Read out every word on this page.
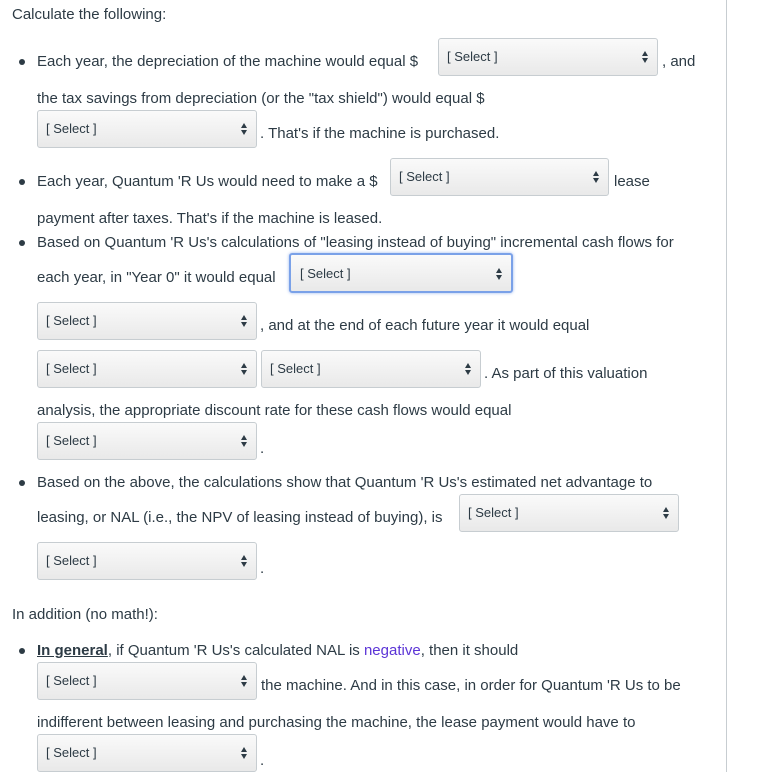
Calculate the following:
Each year, the depreciation of the machine would equal $ [ Select ]	, and
the tax savings from depreciation (or the "tax shield") would equal $
[ Select ]	. That's if the machine is purchased.
Each year, Quantum 'R Us would need to make a $ [ Select ]	lease
payment after taxes. That's if the machine is leased.
Based on Quantum 'R Us's calculations of "leasing instead of buying" incremental cash flows for
each year, in "Year 0" it would equal [ Select ]
[ Select ]	, and at the end of each future year it would equal
[ Select ]	[ Select ]	. As part of this valuation
analysis, the appropriate discount rate for these cash flows would equal
[ Select ]	.
Based on the above, the calculations show that Quantum 'R Us's estimated net advantage to
leasing, or NAL (i.e., the NPV of leasing instead of buying), is [ Select ]
[ Select ]	.
In addition (no math!):
In general, if Quantum 'R Us's calculated NAL is negative, then it should
[ Select ]	the machine. And in this case, in order for Quantum 'R Us to be
indifferent between leasing and purchasing the machine, the lease payment would have to
[ Select ]	.
